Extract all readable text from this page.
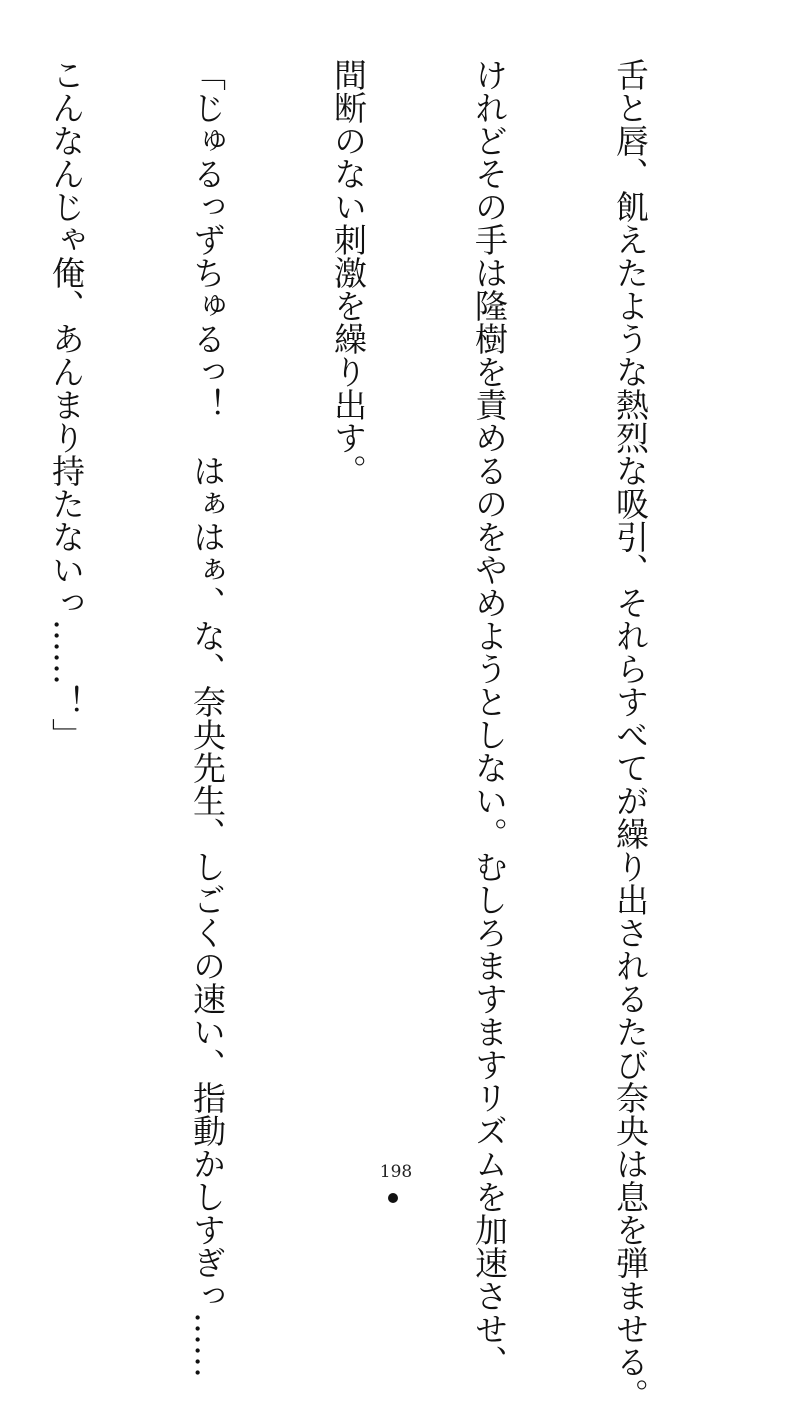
舌と唇、飢えたような熱烈な吸引、それらすべてが繰り出されるたび奈央は息を弾ませる。

けれどその手は隆樹を責めるのをやめようとしない。むしろますますリズムを加速させ、

間断のない刺激を繰り出す。

「じゅるっずちゅるっ！　はぁはぁ、な、奈央先生、しごくの速い、指動かしすぎっ……

こんなんじゃ俺、あんまり持たないっ……！」

198
